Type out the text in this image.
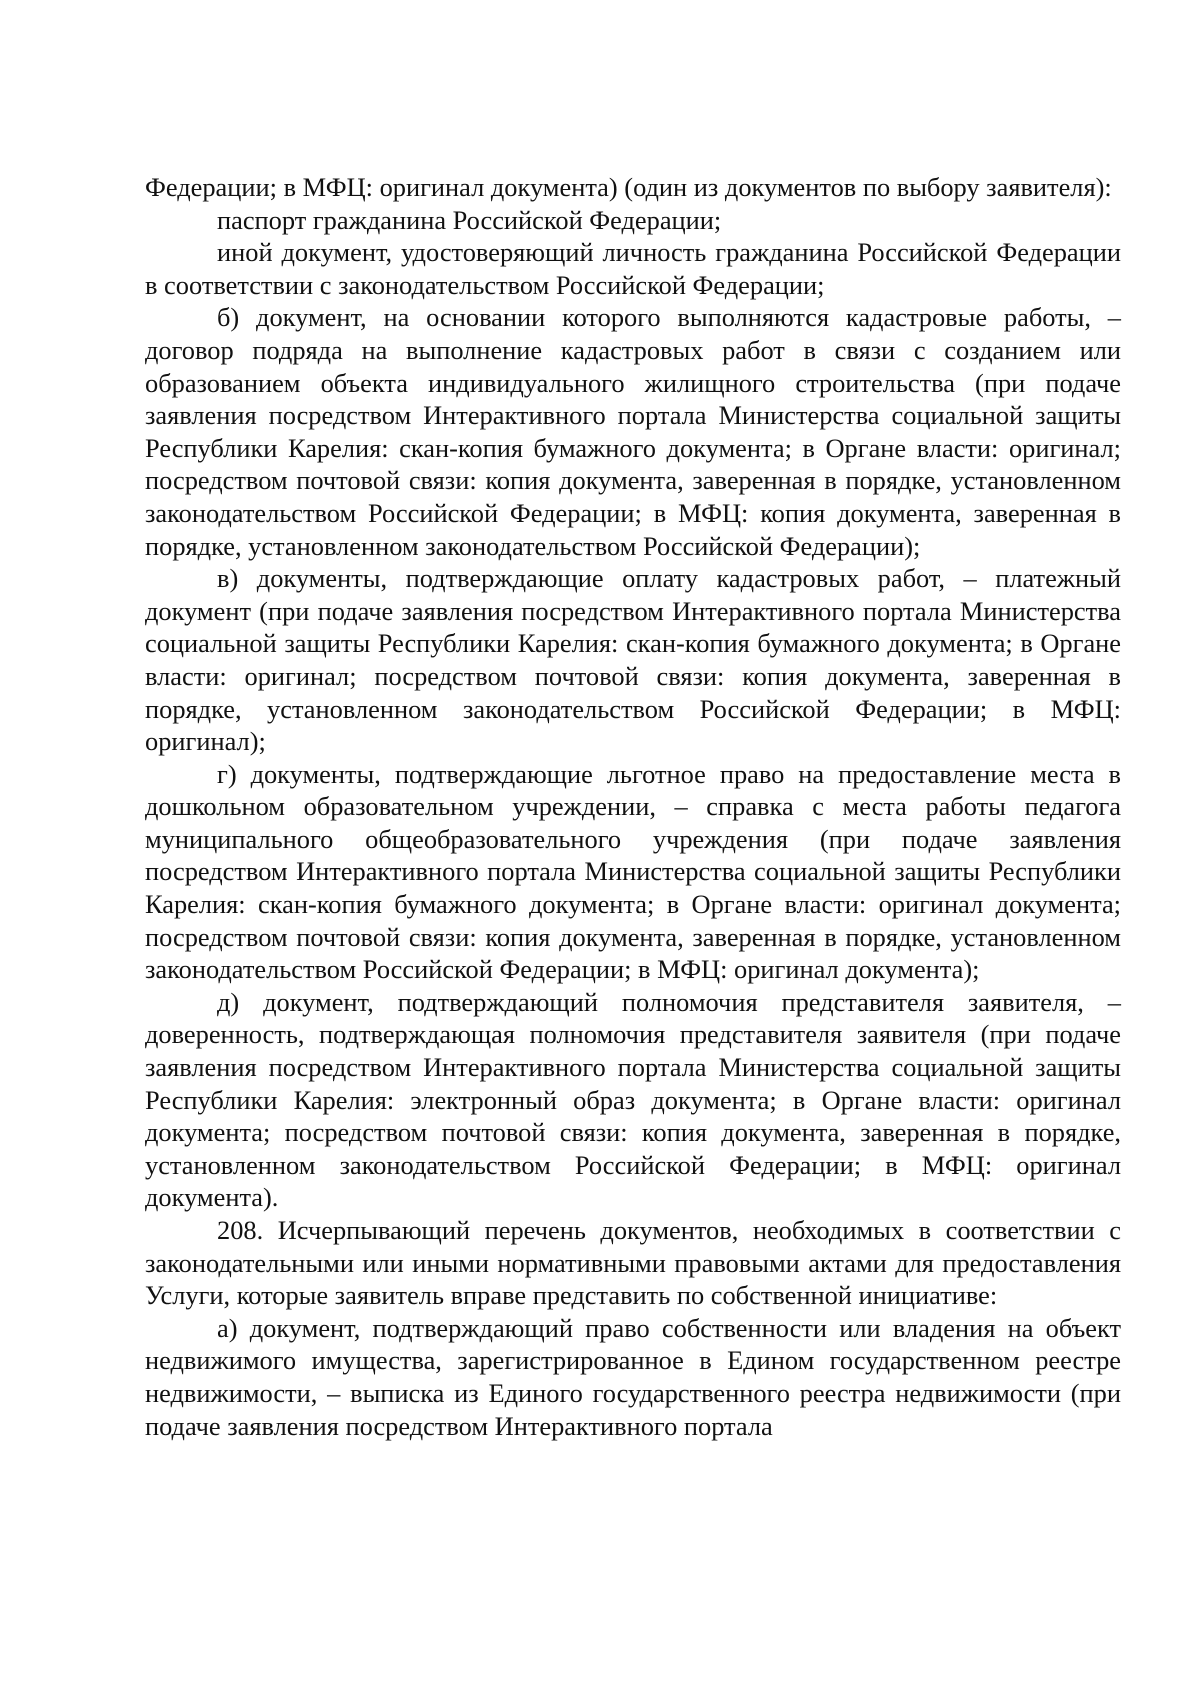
Федерации; в МФЦ: оригинал документа) (один из документов по выбору заявителя):

паспорт гражданина Российской Федерации;

иной документ, удостоверяющий личность гражданина Российской Федерации в соответствии с законодательством Российской Федерации;

б) документ, на основании которого выполняются кадастровые работы, – договор подряда на выполнение кадастровых работ в связи с созданием или образованием объекта индивидуального жилищного строительства (при подаче заявления посредством Интерактивного портала Министерства социальной защиты Республики Карелия: скан-копия бумажного документа; в Органе власти: оригинал; посредством почтовой связи: копия документа, заверенная в порядке, установленном законодательством Российской Федерации; в МФЦ: копия документа, заверенная в порядке, установленном законодательством Российской Федерации);

в) документы, подтверждающие оплату кадастровых работ, – платежный документ (при подаче заявления посредством Интерактивного портала Министерства социальной защиты Республики Карелия: скан-копия бумажного документа; в Органе власти: оригинал; посредством почтовой связи: копия документа, заверенная в порядке, установленном законодательством Российской Федерации; в МФЦ: оригинал);

г) документы, подтверждающие льготное право на предоставление места в дошкольном образовательном учреждении, – справка с места работы педагога муниципального общеобразовательного учреждения (при подаче заявления посредством Интерактивного портала Министерства социальной защиты Республики Карелия: скан-копия бумажного документа; в Органе власти: оригинал документа; посредством почтовой связи: копия документа, заверенная в порядке, установленном законодательством Российской Федерации; в МФЦ: оригинал документа);

д) документ, подтверждающий полномочия представителя заявителя, – доверенность, подтверждающая полномочия представителя заявителя (при подаче заявления посредством Интерактивного портала Министерства социальной защиты Республики Карелия: электронный образ документа; в Органе власти: оригинал документа; посредством почтовой связи: копия документа, заверенная в порядке, установленном законодательством Российской Федерации; в МФЦ: оригинал документа).

208. Исчерпывающий перечень документов, необходимых в соответствии с законодательными или иными нормативными правовыми актами для предоставления Услуги, которые заявитель вправе представить по собственной инициативе:

а) документ, подтверждающий право собственности или владения на объект недвижимого имущества, зарегистрированное в Едином государственном реестре недвижимости, – выписка из Единого государственного реестра недвижимости (при подаче заявления посредством Интерактивного портала
